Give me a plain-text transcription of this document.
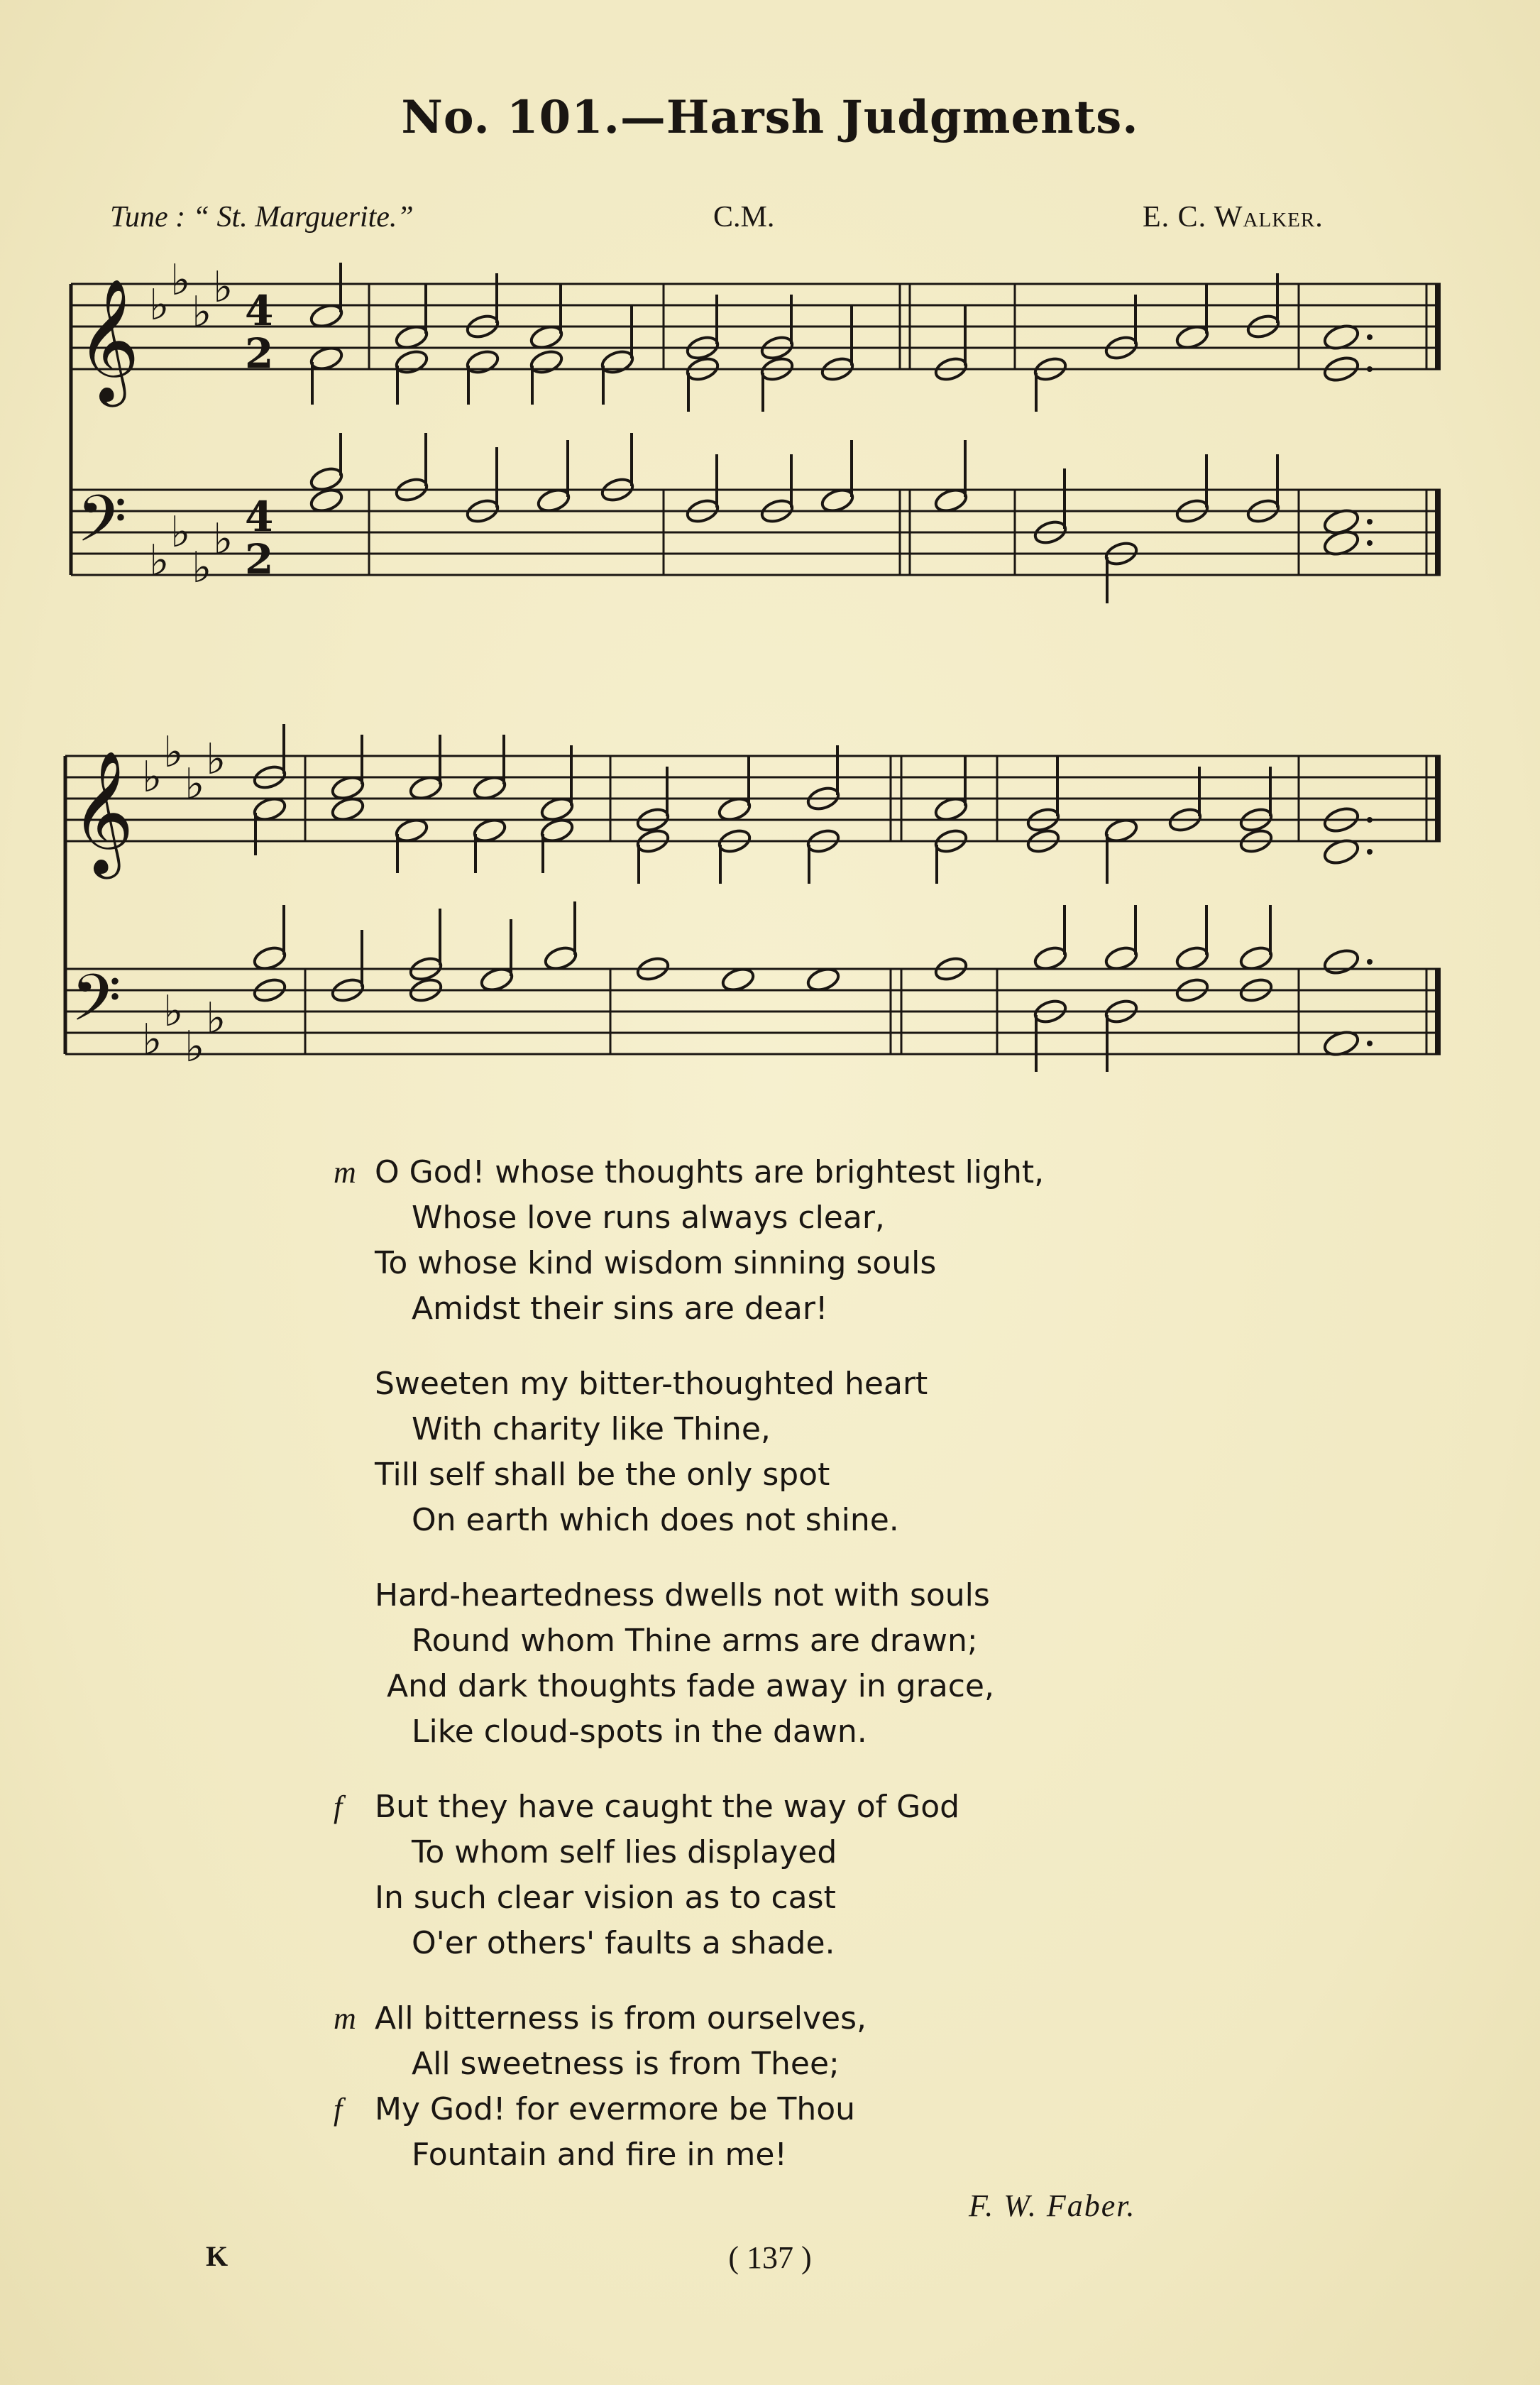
No. 101.—Harsh Judgments.
Tune : “ St. Marguerite.”	C.M.	E. C. Walker.
𝄞
𝄢
♭ ♭
♭ ♭
♭
♭
♭
♭
4
2
4
2
𝄞
𝄢
♭ ♭
♭ ♭
♭
♭
♭
♭
m O God! whose thoughts are brightest light,
Whose love runs always clear,
To whose kind wisdom sinning souls
Amidst their sins are dear!
Sweeten my bitter-thoughted heart
With charity like Thine,
Till self shall be the only spot
On earth which does not shine.
Hard-heartedness dwells not with souls
Round whom Thine arms are drawn;
And dark thoughts fade away in grace,
Like cloud-spots in the dawn.
f But they have caught the way of God
To whom self lies displayed
In such clear vision as to cast
O'er others' faults a shade.
m All bitterness is from ourselves,
All sweetness is from Thee;
f My God! for evermore be Thou
Fountain and fire in me!
F. W. Faber.
K	( 137 )
